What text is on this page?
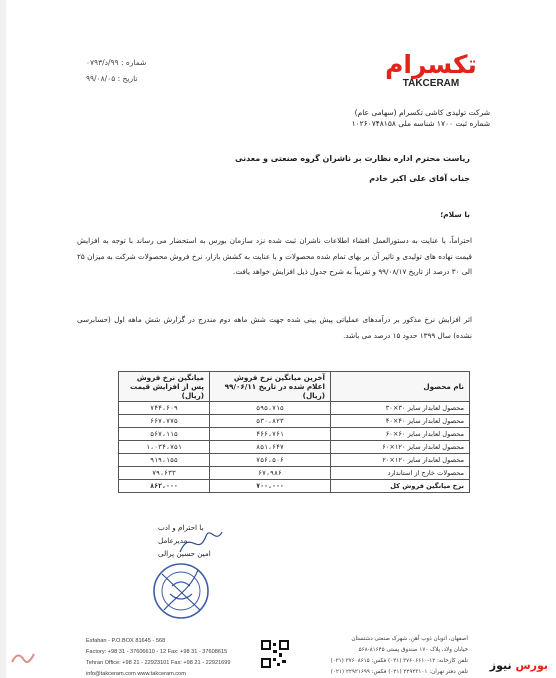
شماره : ۹۹/د/۰۷۹۳
تاریخ : ۹۹/۰۸/۰۵	تکسرام
TAKCERAM
شرکت تولیدی کاشی تکسرام (سهامی عام)
شماره ثبت ۱۷۰۰ شناسه ملی ۱۰۲۶۰۷۴۸۱۵۸
ریاست محترم اداره نظارت بر ناشران گروه صنعتی و معدنی
جناب آقای علی اکبر خادم
با سلام؛
احتراماً، با عنایت به دستورالعمل افشاء اطلاعات ناشران ثبت شده نزد سازمان بورس به استحضار می رساند با توجه به افزایش قیمت نهاده های تولیدی و تاثیر آن بر بهای تمام شده محصولات و با عنایت به کشش بازار، نرخ فروش محصولات شرکت به میزان ۲۵ الی ۳۰ درصد از تاریخ ۹۹/۰۸/۱۷ و تقریباً به شرح جدول ذیل افزایش خواهد یافت.
اثر افزایش نرخ مذکور بر درآمدهای عملیاتی پیش بینی شده جهت شش ماهه دوم مندرج در گزارش شش ماهه اول (حسابرسی نشده) سال ۱۳۹۹ حدود ۱۵ درصد می باشد.
نام محصول	آخرین میانگین نرخ فروش اعلام شده در تاریخ ۹۹/۰۶/۱۱ (ریال)	میانگین نرخ فروش پس از افزایش قیمت (ریال)
محصول لعابدار سایز ۳۰×۳۰	۵۹۵،۷۱۵	۷۴۴،۶۰۹
محصول لعابدار سایز ۴۰×۴۰	۵۳۰،۸۲۳	۶۶۷،۷۷۵
محصول لعابدار سایز ۶۰×۶۰	۴۶۶،۷۶۱	۵۶۷،۱۱۵
محصول لعابدار سایز ۱۲۰×۶۰	۸۵۱،۶۴۷	۱،۰۳۴،۷۵۱
محصول لعابدار سایز ۱۲۰×۲۰	۷۵۶،۵۰۶	۹۱۹،۱۵۵
محصولات خارج از استاندارد	۶۷،۹۸۶	۷۹،۶۳۳
نرخ میانگین فروش کل	۷۰۰،۰۰۰	۸۶۲،۰۰۰
با احترام و ادب
مدیرعامل
امین حسین پرالی
Esfahan - P.O.BOX 81645 - 568
Factory: +98 31 - 37606610 - 12 Fax: +98 31 - 37608615
Tehran Office: +98 21 - 22923101 Fax: +98 21 - 22921699
info@takceram.com www.takceram.com
اصفهان، اتوبان ذوب آهن، شهرک صنعتی دشتستان
خیابان ولاد، پلاک ۱۷۰ صندوق پستی ۸۱۶۴۵-۵۶۸
تلفن کارخانه: ۱۲-۳۷۶۰۶۶۱۰ (۰۳۱) فکس: ۳۷۶۰۸۶۱۵ (۰۳۱)
تلفن دفتر تهران: ۲۲۹۲۳۱۰۱ (۰۲۱) فکس: ۲۲۹۲۱۶۹۹ (۰۲۱)	بورس نیوز
